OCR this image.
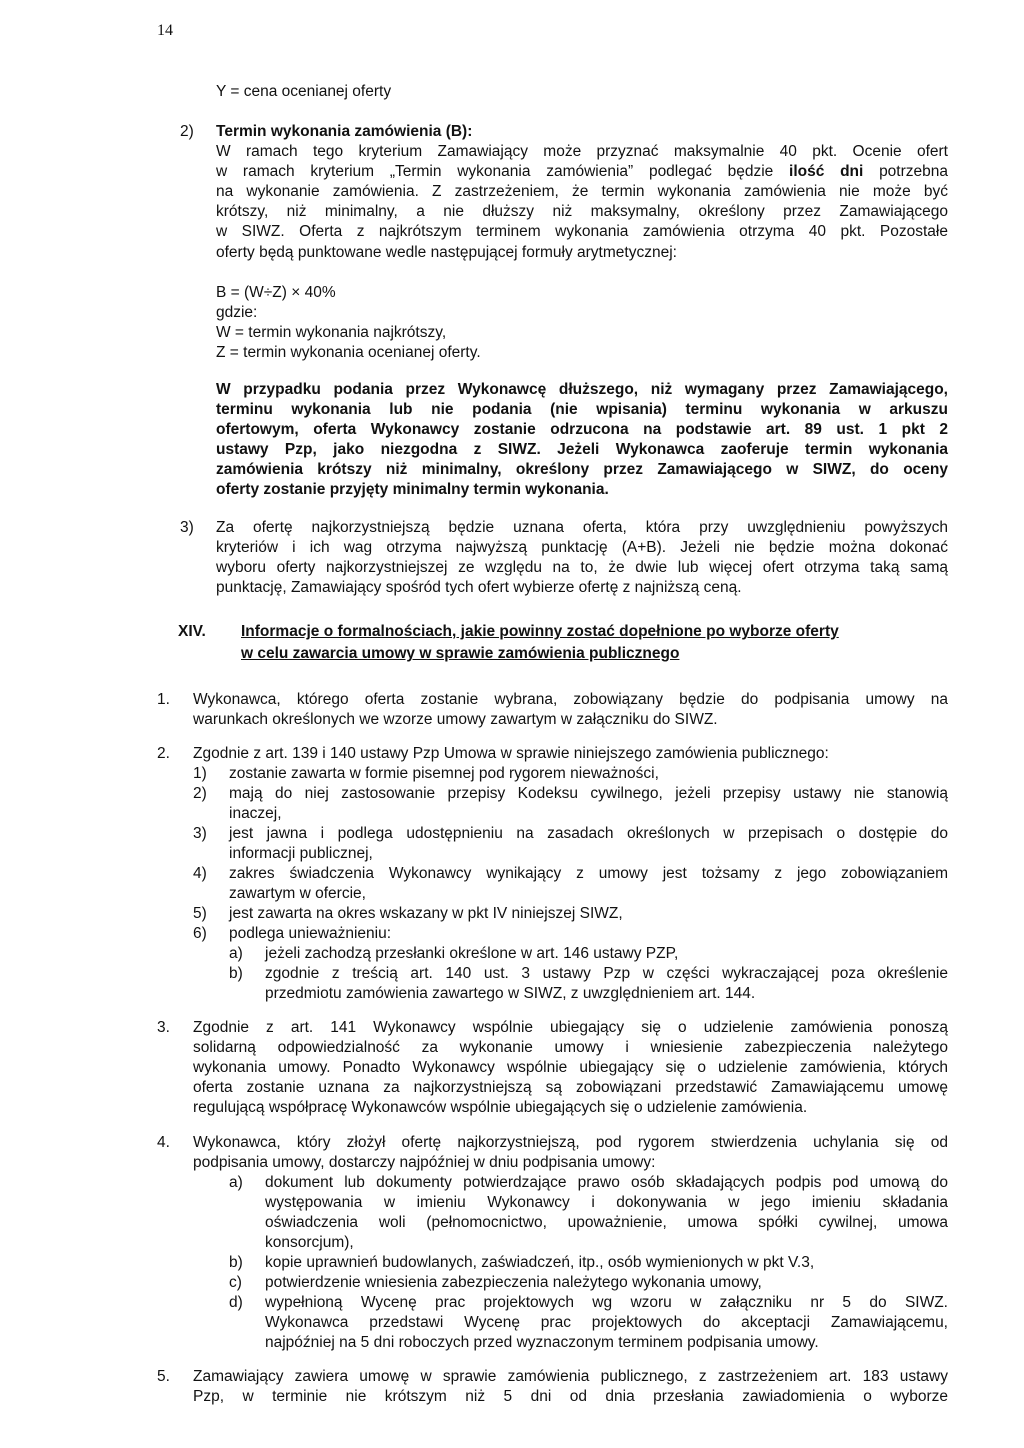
14
Y = cena ocenianej oferty
2) Termin wykonania zamówienia (B):
W ramach tego kryterium Zamawiający może przyznać maksymalnie 40 pkt. Ocenie ofert
w ramach kryterium „Termin wykonania zamówienia” podlegać będzie ilość dni potrzebna
na wykonanie zamówienia. Z zastrzeżeniem, że termin wykonania zamówienia nie może być
krótszy, niż minimalny, a nie dłuższy niż maksymalny, określony przez Zamawiającego
w SIWZ. Oferta z najkrótszym terminem wykonania zamówienia otrzyma 40 pkt. Pozostałe
oferty będą punktowane wedle następującej formuły arytmetycznej:
B = (W÷Z) × 40%
gdzie:
W = termin wykonania najkrótszy,
Z = termin wykonania ocenianej oferty.
W przypadku podania przez Wykonawcę dłuższego, niż wymagany przez Zamawiającego,
terminu wykonania lub nie podania (nie wpisania) terminu wykonania w arkuszu
ofertowym, oferta Wykonawcy zostanie odrzucona na podstawie art. 89 ust. 1 pkt 2
ustawy Pzp, jako niezgodna z SIWZ. Jeżeli Wykonawca zaoferuje termin wykonania
zamówienia krótszy niż minimalny, określony przez Zamawiającego w SIWZ, do oceny
oferty zostanie przyjęty minimalny termin wykonania.
3) Za ofertę najkorzystniejszą będzie uznana oferta, która przy uwzględnieniu powyższych
kryteriów i ich wag otrzyma najwyższą punktację (A+B). Jeżeli nie będzie można dokonać
wyboru oferty najkorzystniejszej ze względu na to, że dwie lub więcej ofert otrzyma taką samą
punktację, Zamawiający spośród tych ofert wybierze ofertę z najniższą ceną.
XIV. Informacje o formalnościach, jakie powinny zostać dopełnione po wyborze oferty
w celu zawarcia umowy w sprawie zamówienia publicznego
1. Wykonawca, którego oferta zostanie wybrana, zobowiązany będzie do podpisania umowy na
warunkach określonych we wzorze umowy zawartym w załączniku do SIWZ.
2. Zgodnie z art. 139 i 140 ustawy Pzp Umowa w sprawie niniejszego zamówienia publicznego:
1) zostanie zawarta w formie pisemnej pod rygorem nieważności,
2) mają do niej zastosowanie przepisy Kodeksu cywilnego, jeżeli przepisy ustawy nie stanowią
inaczej,
3) jest jawna i podlega udostępnieniu na zasadach określonych w przepisach o dostępie do
informacji publicznej,
4) zakres świadczenia Wykonawcy wynikający z umowy jest tożsamy z jego zobowiązaniem
zawartym w ofercie,
5) jest zawarta na okres wskazany w pkt IV niniejszej SIWZ,
6) podlega unieważnieniu:
a) jeżeli zachodzą przesłanki określone w art. 146 ustawy PZP,
b) zgodnie z treścią art. 140 ust. 3 ustawy Pzp w części wykraczającej poza określenie
przedmiotu zamówienia zawartego w SIWZ, z uwzględnieniem art. 144.
3. Zgodnie z art. 141 Wykonawcy wspólnie ubiegający się o udzielenie zamówienia ponoszą
solidarną odpowiedzialność za wykonanie umowy i wniesienie zabezpieczenia należytego
wykonania umowy. Ponadto Wykonawcy wspólnie ubiegający się o udzielenie zamówienia, których
oferta zostanie uznana za najkorzystniejszą są zobowiązani przedstawić Zamawiającemu umowę
regulującą współpracę Wykonawców wspólnie ubiegających się o udzielenie zamówienia.
4. Wykonawca, który złożył ofertę najkorzystniejszą, pod rygorem stwierdzenia uchylania się od
podpisania umowy, dostarczy najpóźniej w dniu podpisania umowy:
a) dokument lub dokumenty potwierdzające prawo osób składających podpis pod umową do
występowania w imieniu Wykonawcy i dokonywania w jego imieniu składania
oświadczenia woli (pełnomocnictwo, upoważnienie, umowa spółki cywilnej, umowa
konsorcjum),
b) kopie uprawnień budowlanych, zaświadczeń, itp., osób wymienionych w pkt V.3,
c) potwierdzenie wniesienia zabezpieczenia należytego wykonania umowy,
d) wypełnioną Wycenę prac projektowych wg wzoru w załączniku nr 5 do SIWZ.
Wykonawca przedstawi Wycenę prac projektowych do akceptacji Zamawiającemu,
najpóźniej na 5 dni roboczych przed wyznaczonym terminem podpisania umowy.
5. Zamawiający zawiera umowę w sprawie zamówienia publicznego, z zastrzeżeniem art. 183 ustawy
Pzp, w terminie nie krótszym niż 5 dni od dnia przesłania zawiadomienia o wyborze
